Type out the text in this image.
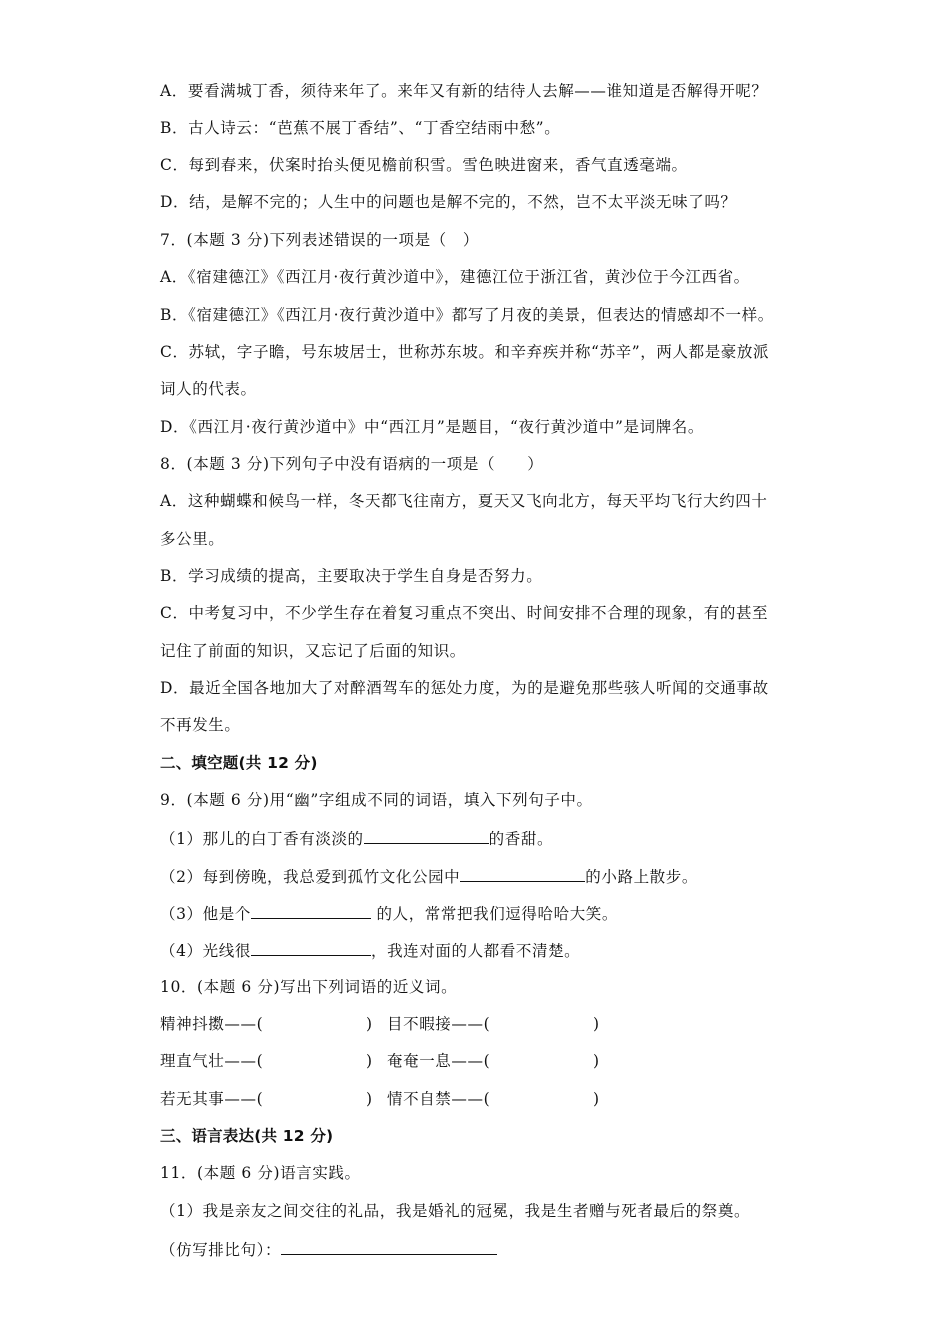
A．要看满城丁香，须待来年了。来年又有新的结待人去解——谁知道是否解得开呢？
B．古人诗云：“芭蕉不展丁香结”、“丁香空结雨中愁”。
C．每到春来，伏案时抬头便见檐前积雪。雪色映进窗来，香气直透毫端。
D．结，是解不完的；人生中的问题也是解不完的，不然，岂不太平淡无味了吗？
7．(本题 3 分)下列表述错误的一项是（　）
A．《宿建德江》《西江月·夜行黄沙道中》，建德江位于浙江省，黄沙位于今江西省。
B．《宿建德江》《西江月·夜行黄沙道中》都写了月夜的美景，但表达的情感却不一样。
C．苏轼，字子瞻，号东坡居士，世称苏东坡。和辛弃疾并称“苏辛”，两人都是豪放派
词人的代表。
D．《西江月·夜行黄沙道中》中“西江月”是题目，“夜行黄沙道中”是词牌名。
8．(本题 3 分)下列句子中没有语病的一项是（　　）
A．这种蝴蝶和候鸟一样，冬天都飞往南方，夏天又飞向北方，每天平均飞行大约四十
多公里。
B．学习成绩的提高，主要取决于学生自身是否努力。
C．中考复习中，不少学生存在着复习重点不突出、时间安排不合理的现象，有的甚至
记住了前面的知识，又忘记了后面的知识。
D．最近全国各地加大了对醉酒驾车的惩处力度，为的是避免那些骇人听闻的交通事故
不再发生。
二、填空题(共 12 分)
9．(本题 6 分)用“幽”字组成不同的词语，填入下列句子中。
（1）那儿的白丁香有淡淡的	的香甜。
（2）每到傍晚，我总爱到孤竹文化公园中	的小路上散步。
（3）他是个	的人，常常把我们逗得哈哈大笑。
（4）光线很	，我连对面的人都看不清楚。
10．(本题 6 分)写出下列词语的近义词。
精神抖擞——(	) 目不暇接——(	)
理直气壮——(	) 奄奄一息——(	)
若无其事——(	) 情不自禁——(	)
三、语言表达(共 12 分)
11．(本题 6 分)语言实践。
（1）我是亲友之间交往的礼品，我是婚礼的冠冕，我是生者赠与死者最后的祭奠。
（仿写排比句）：
